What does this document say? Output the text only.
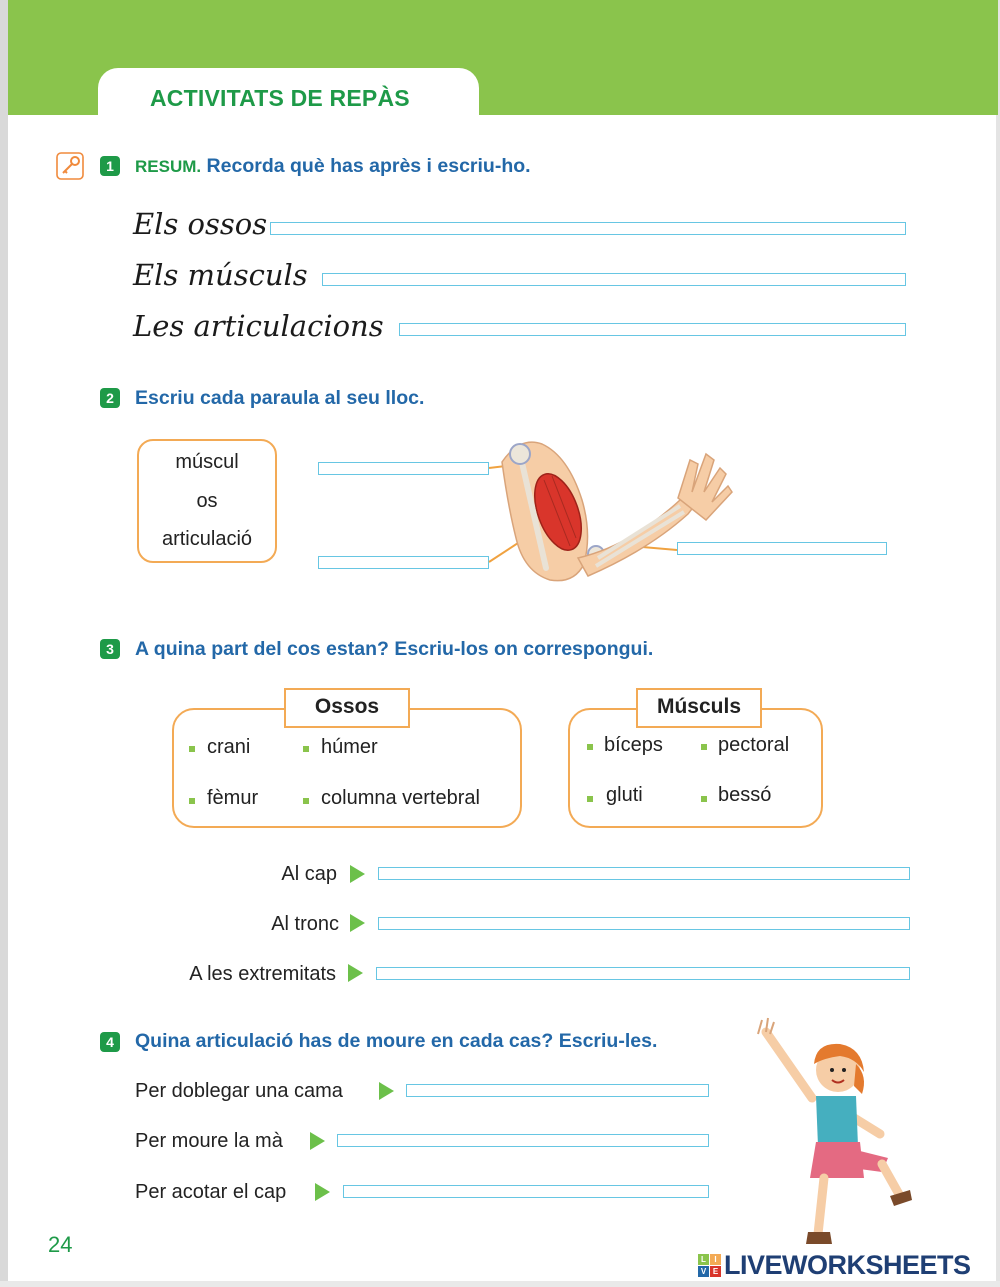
ACTIVITATS DE REPÀS
1	RESUM. Recorda què has après i escriu-ho.
Els ossos
Els músculs
Les articulacions
2	Escriu cada paraula al seu lloc.
múscul
os
articulació
3	A quina part del cos estan? Escriu-los on correspongui.
Ossos
crani	húmer
fèmur	columna vertebral
Músculs
bíceps	pectoral
gluti	bessó
Al cap
Al tronc
A les extremitats
4	Quina articulació has de moure en cada cas? Escriu-les.
Per doblegar una cama
Per moure la mà
Per acotar el cap
24
L	I
V E LIVEWORKSHEETS
